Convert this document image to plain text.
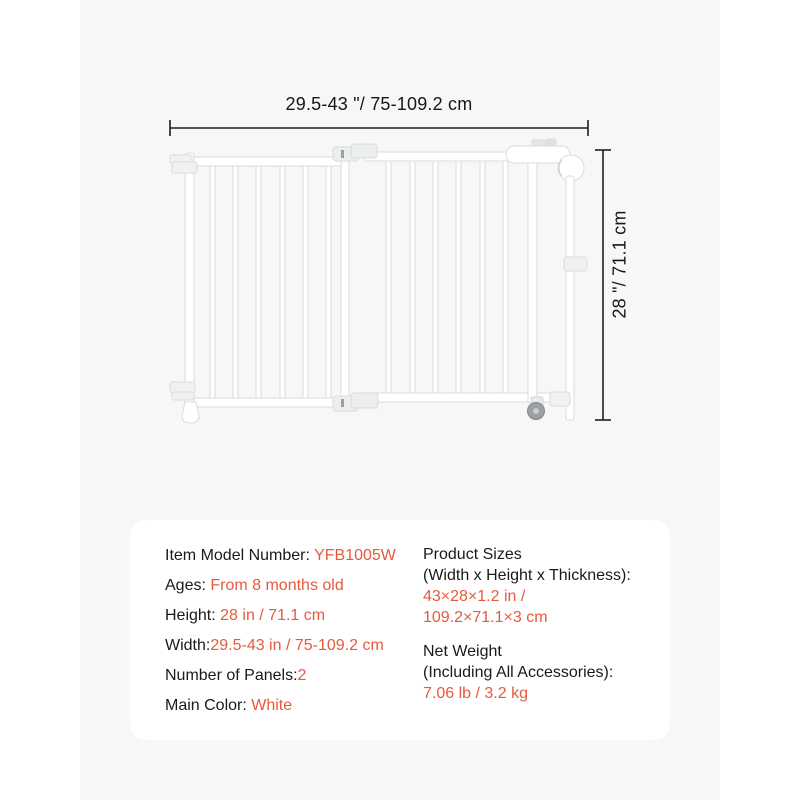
29.5-43 "/ 75-109.2 cm
28 "/ 71.1 cm
Item Model Number: YFB1005W
Ages: From 8 months old
Height: 28 in / 71.1 cm
Width:29.5-43 in / 75-109.2 cm
Number of Panels:2
Main Color: White
Product Sizes
(Width x Height x Thickness):
43×28×1.2 in /
109.2×71.1×3 cm
Net Weight
(Including All Accessories):
7.06 lb / 3.2 kg
